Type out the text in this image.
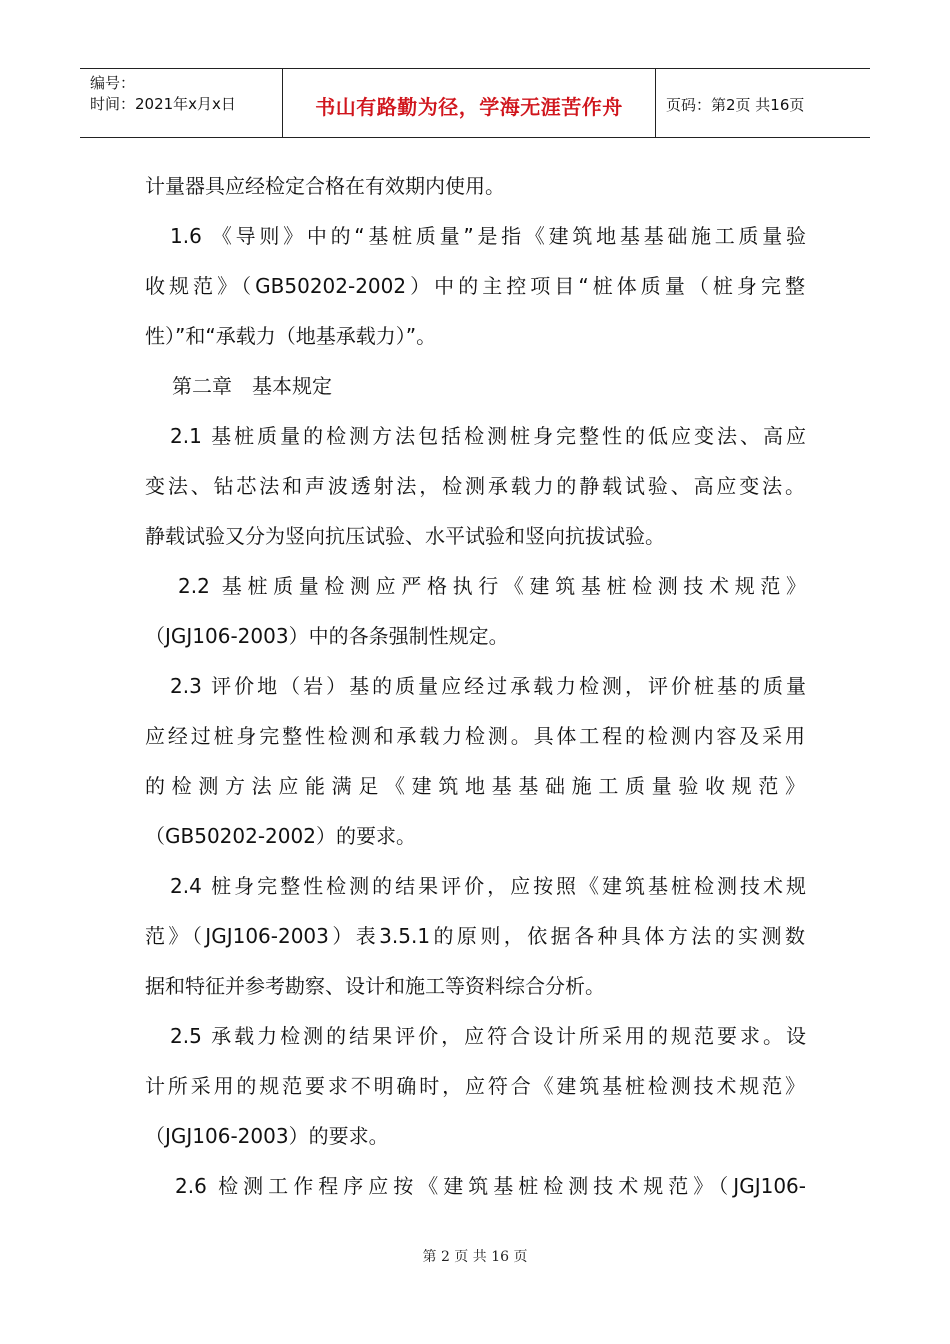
编号：
时间：2021年x月x日	书山有路勤为径，学海无涯苦作舟	页码：第2页 共16页
计量器具应经检定合格在有效期内使用。
1.6 《导则》中的“基桩质量”是指《建筑地基基础施工质量验
收规范》（GB50202-2002）中的主控项目“桩体质量（桩身完整
性）”和“承载力（地基承载力）”。
第二章　基本规定
2.1 基桩质量的检测方法包括检测桩身完整性的低应变法、高应
变法、钻芯法和声波透射法，检测承载力的静载试验、高应变法。
静载试验又分为竖向抗压试验、水平试验和竖向抗拔试验。
2.2 基桩质量检测应严格执行《建筑基桩检测技术规范》
（JGJ106-2003）中的各条强制性规定。
2.3 评价地（岩）基的质量应经过承载力检测，评价桩基的质量
应经过桩身完整性检测和承载力检测。具体工程的检测内容及采用
的检测方法应能满足《建筑地基基础施工质量验收规范》
（GB50202-2002）的要求。
2.4 桩身完整性检测的结果评价，应按照《建筑基桩检测技术规
范》（JGJ106-2003）表3.5.1的原则，依据各种具体方法的实测数
据和特征并参考勘察、设计和施工等资料综合分析。
2.5 承载力检测的结果评价，应符合设计所采用的规范要求。设
计所采用的规范要求不明确时，应符合《建筑基桩检测技术规范》
（JGJ106-2003）的要求。
2.6 检测工作程序应按《建筑基桩检测技术规范》（JGJ106-
第 2 页 共 16 页
